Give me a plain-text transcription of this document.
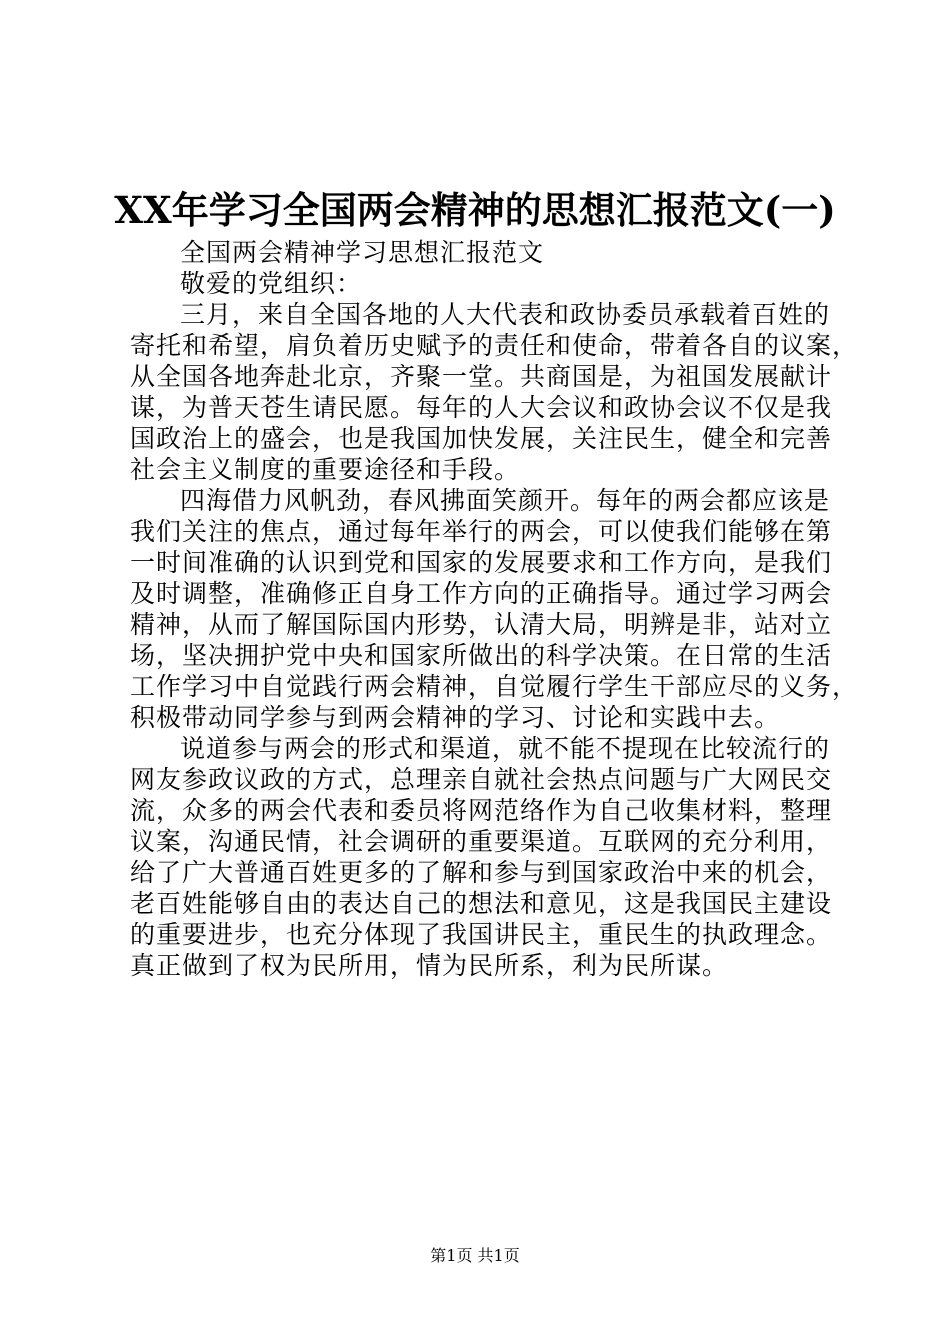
XX年学习全国两会精神的思想汇报范文(一)
全国两会精神学习思想汇报范文
敬爱的党组织：
三月，来自全国各地的人大代表和政协委员承载着百姓的
寄托和希望，肩负着历史赋予的责任和使命，带着各自的议案，
从全国各地奔赴北京，齐聚一堂。共商国是，为祖国发展献计
谋，为普天苍生请民愿。每年的人大会议和政协会议不仅是我
国政治上的盛会，也是我国加快发展，关注民生，健全和完善
社会主义制度的重要途径和手段。
四海借力风帆劲，春风拂面笑颜开。每年的两会都应该是
我们关注的焦点，通过每年举行的两会，可以使我们能够在第
一时间准确的认识到党和国家的发展要求和工作方向，是我们
及时调整，准确修正自身工作方向的正确指导。通过学习两会
精神，从而了解国际国内形势，认清大局，明辨是非，站对立
场，坚决拥护党中央和国家所做出的科学决策。在日常的生活
工作学习中自觉践行两会精神，自觉履行学生干部应尽的义务，
积极带动同学参与到两会精神的学习、讨论和实践中去。
说道参与两会的形式和渠道，就不能不提现在比较流行的
网友参政议政的方式，总理亲自就社会热点问题与广大网民交
流，众多的两会代表和委员将网范络作为自己收集材料，整理
议案，沟通民情，社会调研的重要渠道。互联网的充分利用，
给了广大普通百姓更多的了解和参与到国家政治中来的机会，
老百姓能够自由的表达自己的想法和意见，这是我国民主建设
的重要进步，也充分体现了我国讲民主，重民生的执政理念。
真正做到了权为民所用，情为民所系，利为民所谋。
第1页 共1页
